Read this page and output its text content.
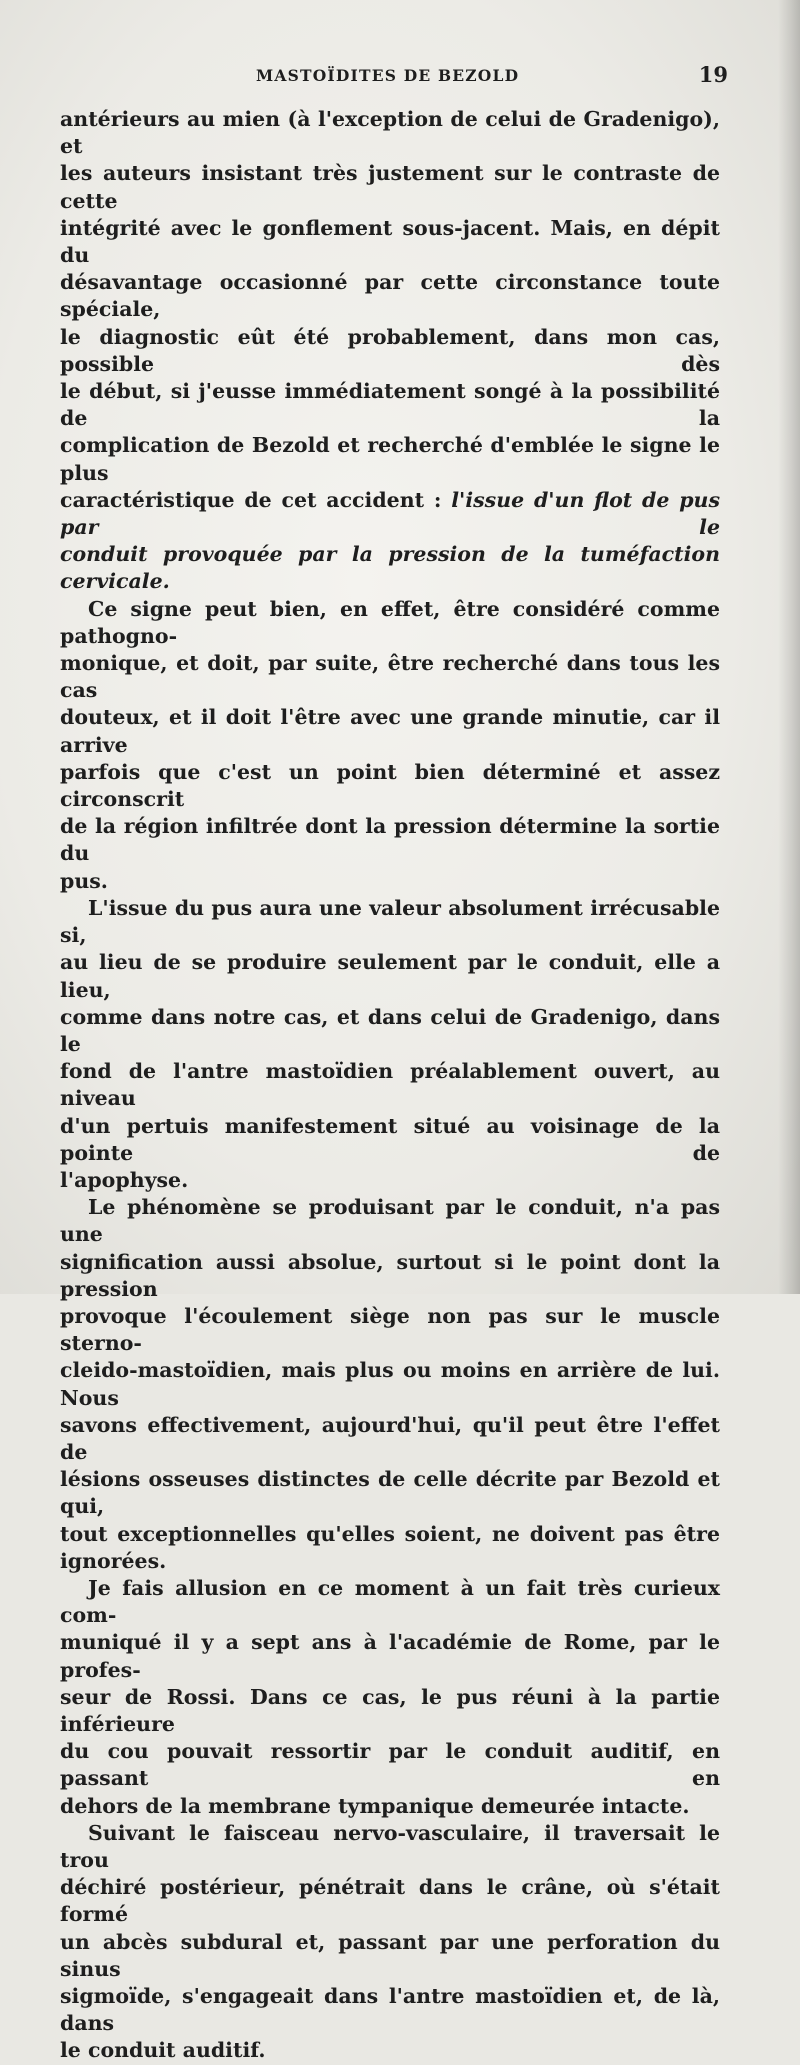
MASTOÏDITES DE BEZOLD	19

antérieurs au mien (à l'exception de celui de Gradenigo), et

les auteurs insistant très justement sur le contraste de cette

intégrité avec le gonflement sous-jacent. Mais, en dépit du

désavantage occasionné par cette circonstance toute spéciale,

le diagnostic eût été probablement, dans mon cas, possible dès

le début, si j'eusse immédiatement songé à la possibilité de la

complication de Bezold et recherché d'emblée le signe le plus

caractéristique de cet accident : l'issue d'un flot de pus par le

conduit provoquée par la pression de la tuméfaction cervicale.

Ce signe peut bien, en effet, être considéré comme pathogno-

monique, et doit, par suite, être recherché dans tous les cas

douteux, et il doit l'être avec une grande minutie, car il arrive

parfois que c'est un point bien déterminé et assez circonscrit

de la région infiltrée dont la pression détermine la sortie du

pus.

L'issue du pus aura une valeur absolument irrécusable si,

au lieu de se produire seulement par le conduit, elle a lieu,

comme dans notre cas, et dans celui de Gradenigo, dans le

fond de l'antre mastoïdien préalablement ouvert, au niveau

d'un pertuis manifestement situé au voisinage de la pointe de

l'apophyse.

Le phénomène se produisant par le conduit, n'a pas une

signification aussi absolue, surtout si le point dont la pression

provoque l'écoulement siège non pas sur le muscle sterno-

cleido-mastoïdien, mais plus ou moins en arrière de lui. Nous

savons effectivement, aujourd'hui, qu'il peut être l'effet de

lésions osseuses distinctes de celle décrite par Bezold et qui,

tout exceptionnelles qu'elles soient, ne doivent pas être

ignorées.

Je fais allusion en ce moment à un fait très curieux com-

muniqué il y a sept ans à l'académie de Rome, par le profes-

seur de Rossi. Dans ce cas, le pus réuni à la partie inférieure

du cou pouvait ressortir par le conduit auditif, en passant en

dehors de la membrane tympanique demeurée intacte.

Suivant le faisceau nervo-vasculaire, il traversait le trou

déchiré postérieur, pénétrait dans le crâne, où s'était formé

un abcès subdural et, passant par une perforation du sinus

sigmoïde, s'engageait dans l'antre mastoïdien et, de là, dans

le conduit auditif.
